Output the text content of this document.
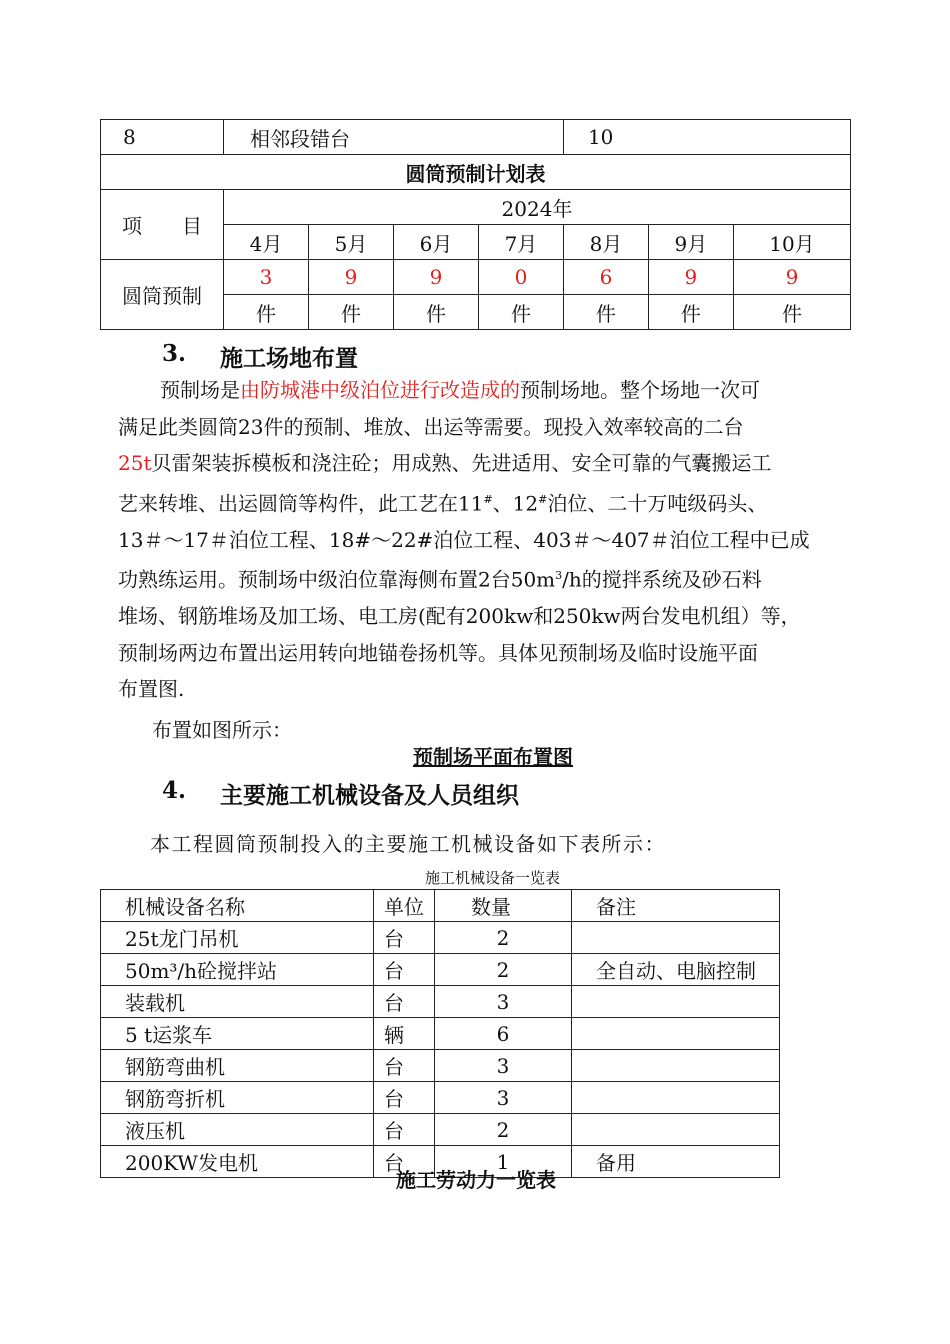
8	相邻段错台				10		
圆筒预制计划表							
项　　目	2024年						
	4月	5月	6月	7月	8月	9月	10月
圆筒预制	3	9	9	0	6	9	9
	件	件	件	件	件	件	件
3. 施工场地布置
预制场是由防城港中级泊位进行改造成的预制场地。整个场地一次可
满足此类圆筒23件的预制、堆放、出运等需要。现投入效率较高的二台
25t贝雷架装拆模板和浇注砼；用成熟、先进适用、安全可靠的气囊搬运工
艺来转堆、出运圆筒等构件，此工艺在11#、12#泊位、二十万吨级码头、
13＃～17＃泊位工程、18#～22#泊位工程、403＃～407＃泊位工程中已成
功熟练运用。预制场中级泊位靠海侧布置2台$50m^3/h$的搅拌系统及砂石料
堆场、钢筋堆场及加工场、电工房(配有200kw和250kw两台发电机组）等，
预制场两边布置出运用转向地锚卷扬机等。具体见预制场及临时设施平面
布置图.
布置如图所示：
预制场平面布置图
4. 主要施工机械设备及人员组织
本工程圆筒预制投入的主要施工机械设备如下表所示：
施工机械设备一览表
机械设备名称	单位	数量	备注
25t龙门吊机	台	2	
50m³/h砼搅拌站	台	2	全自动、电脑控制
装载机	台	3	
5 t运浆车	辆	6	
钢筋弯曲机	台	3	
钢筋弯折机	台	3	
液压机	台	2	
200KW发电机	台	1	备用
施工劳动力一览表
